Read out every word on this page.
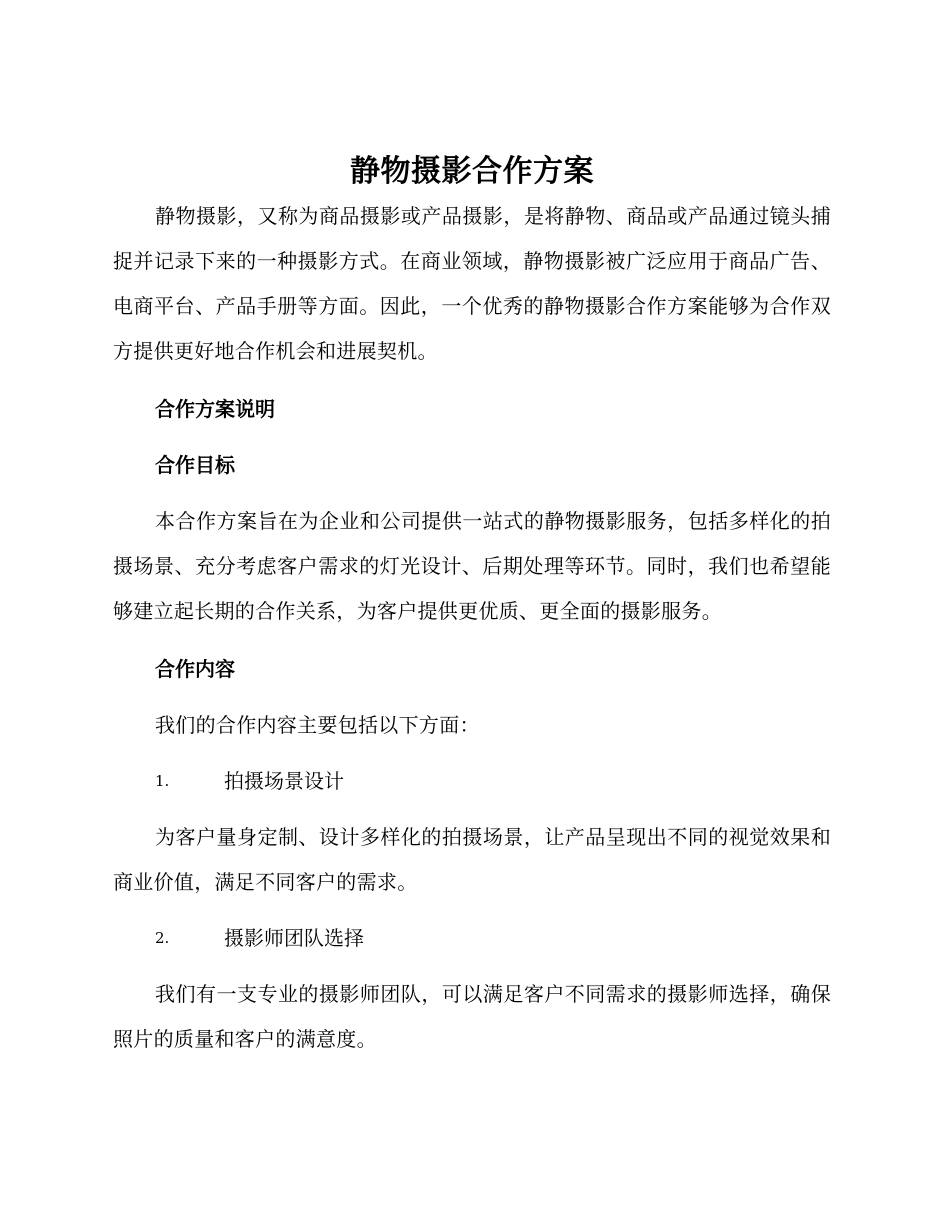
静物摄影合作方案

静物摄影，又称为商品摄影或产品摄影，是将静物、商品或产品通过镜头捕捉并记录下来的一种摄影方式。在商业领域，静物摄影被广泛应用于商品广告、电商平台、产品手册等方面。因此，一个优秀的静物摄影合作方案能够为合作双方提供更好地合作机会和进展契机。

合作方案说明

合作目标

本合作方案旨在为企业和公司提供一站式的静物摄影服务，包括多样化的拍摄场景、充分考虑客户需求的灯光设计、后期处理等环节。同时，我们也希望能够建立起长期的合作关系，为客户提供更优质、更全面的摄影服务。

合作内容

我们的合作内容主要包括以下方面：

1.	拍摄场景设计

为客户量身定制、设计多样化的拍摄场景，让产品呈现出不同的视觉效果和商业价值，满足不同客户的需求。

2.	摄影师团队选择

我们有一支专业的摄影师团队，可以满足客户不同需求的摄影师选择，确保照片的质量和客户的满意度。
